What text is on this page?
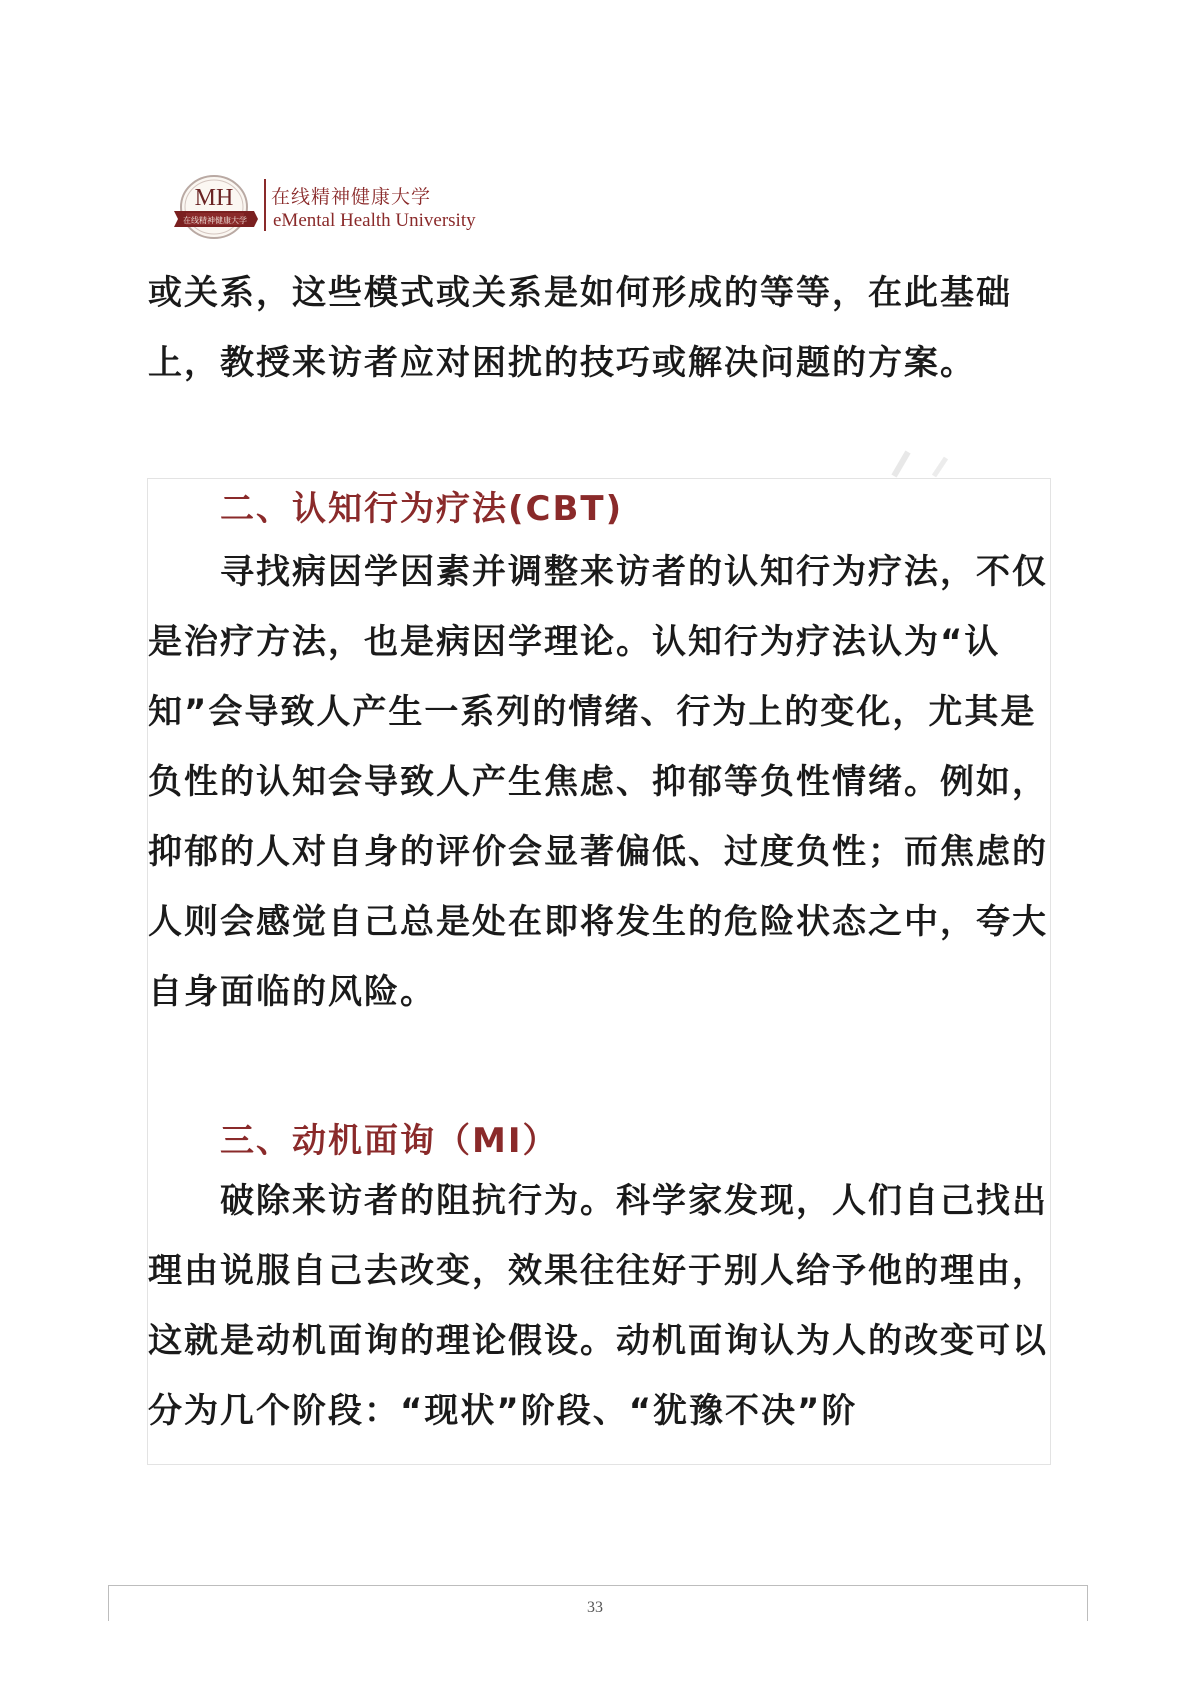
MH
在线精神健康大学
在线精神健康大学
eMental Health University
或关系，这些模式或关系是如何形成的等等，在此基础上，教授来访者应对困扰的技巧或解决问题的方案。
二、认知行为疗法(CBT)
寻找病因学因素并调整来访者的认知行为疗法，不仅是治疗方法，也是病因学理论。认知行为疗法认为“认知”会导致人产生一系列的情绪、行为上的变化，尤其是负性的认知会导致人产生焦虑、抑郁等负性情绪。例如，抑郁的人对自身的评价会显著偏低、过度负性；而焦虑的人则会感觉自己总是处在即将发生的危险状态之中，夸大自身面临的风险。
三、动机面询（MI）
破除来访者的阻抗行为。科学家发现，人们自己找出理由说服自己去改变，效果往往好于别人给予他的理由，这就是动机面询的理论假设。动机面询认为人的改变可以分为几个阶段：“现状”阶段、“犹豫不决”阶
33
